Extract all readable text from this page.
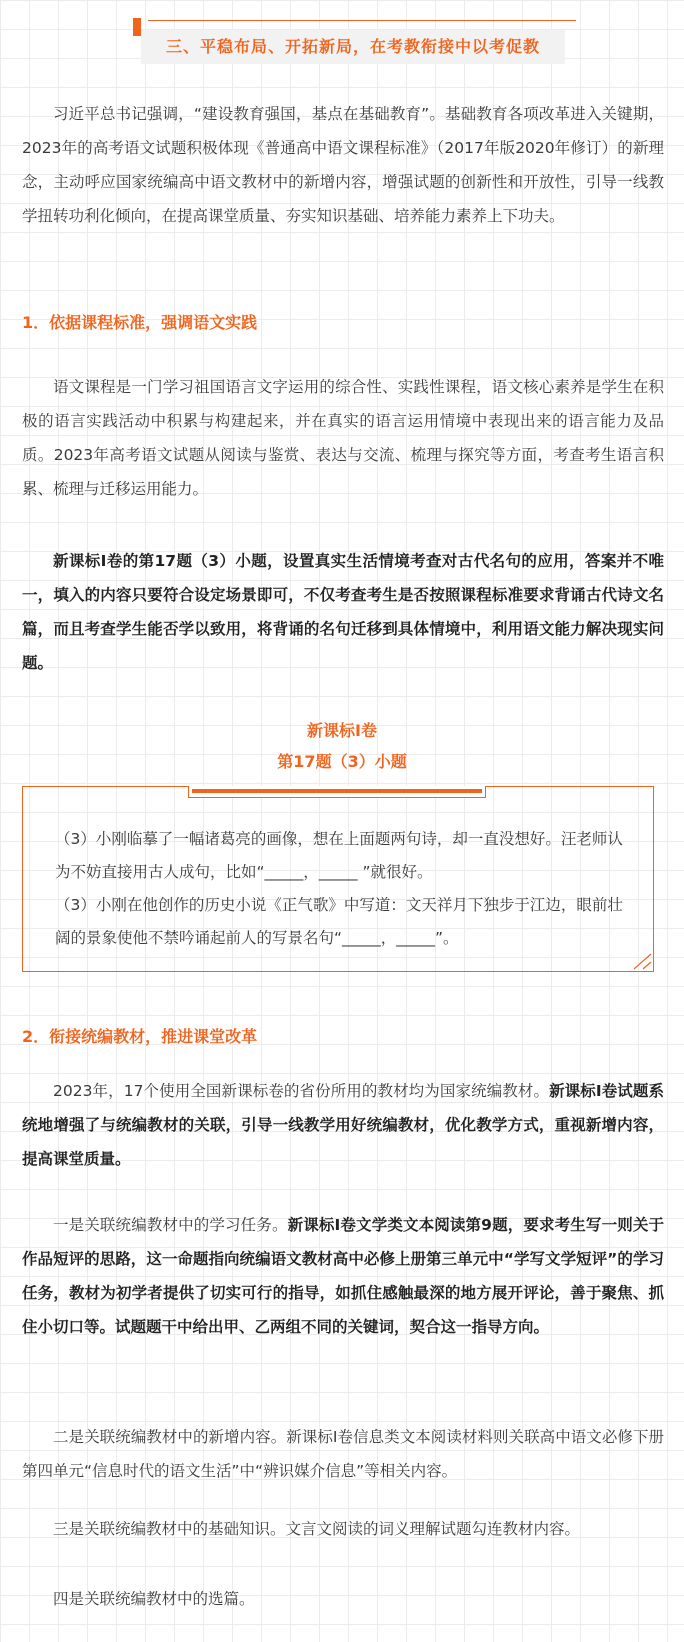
三、平稳布局、开拓新局，在考教衔接中以考促教

习近平总书记强调，“建设教育强国，基点在基础教育”。基础教育各项改革进入关键期，2023年的高考语文试题积极体现《普通高中语文课程标准》（2017年版2020年修订）的新理念，主动呼应国家统编高中语文教材中的新增内容，增强试题的创新性和开放性，引导一线教学扭转功利化倾向，在提高课堂质量、夯实知识基础、培养能力素养上下功夫。

1．依据课程标准，强调语文实践

语文课程是一门学习祖国语言文字运用的综合性、实践性课程，语文核心素养是学生在积极的语言实践活动中积累与构建起来，并在真实的语言运用情境中表现出来的语言能力及品质。2023年高考语文试题从阅读与鉴赏、表达与交流、梳理与探究等方面，考查考生语言积累、梳理与迁移运用能力。

新课标Ⅰ卷的第17题（3）小题，设置真实生活情境考查对古代名句的应用，答案并不唯一，填入的内容只要符合设定场景即可，不仅考查考生是否按照课程标准要求背诵古代诗文名篇，而且考查学生能否学以致用，将背诵的名句迁移到具体情境中，利用语文能力解决现实问题。

新课标Ⅰ卷
第17题（3）小题

（3）小刚临摹了一幅诸葛亮的画像，想在上面题两句诗，却一直没想好。汪老师认为不妨直接用古人成句，比如“_____，_____ ”就很好。

（3）小刚在他创作的历史小说《正气歌》中写道：文天祥月下独步于江边，眼前壮阔的景象使他不禁吟诵起前人的写景名句“_____，_____”。

2．衔接统编教材，推进课堂改革

2023年，17个使用全国新课标卷的省份所用的教材均为国家统编教材。新课标Ⅰ卷试题系统地增强了与统编教材的关联，引导一线教学用好统编教材，优化教学方式，重视新增内容，提高课堂质量。

一是关联统编教材中的学习任务。新课标Ⅰ卷文学类文本阅读第9题，要求考生写一则关于作品短评的思路，这一命题指向统编语文教材高中必修上册第三单元中“学写文学短评”的学习任务，教材为初学者提供了切实可行的指导，如抓住感触最深的地方展开评论，善于聚焦、抓住小切口等。试题题干中给出甲、乙两组不同的关键词，契合这一指导方向。

二是关联统编教材中的新增内容。新课标Ⅰ卷信息类文本阅读材料则关联高中语文必修下册第四单元“信息时代的语文生活”中“辨识媒介信息”等相关内容。

三是关联统编教材中的基础知识。文言文阅读的词义理解试题勾连教材内容。

四是关联统编教材中的选篇。
